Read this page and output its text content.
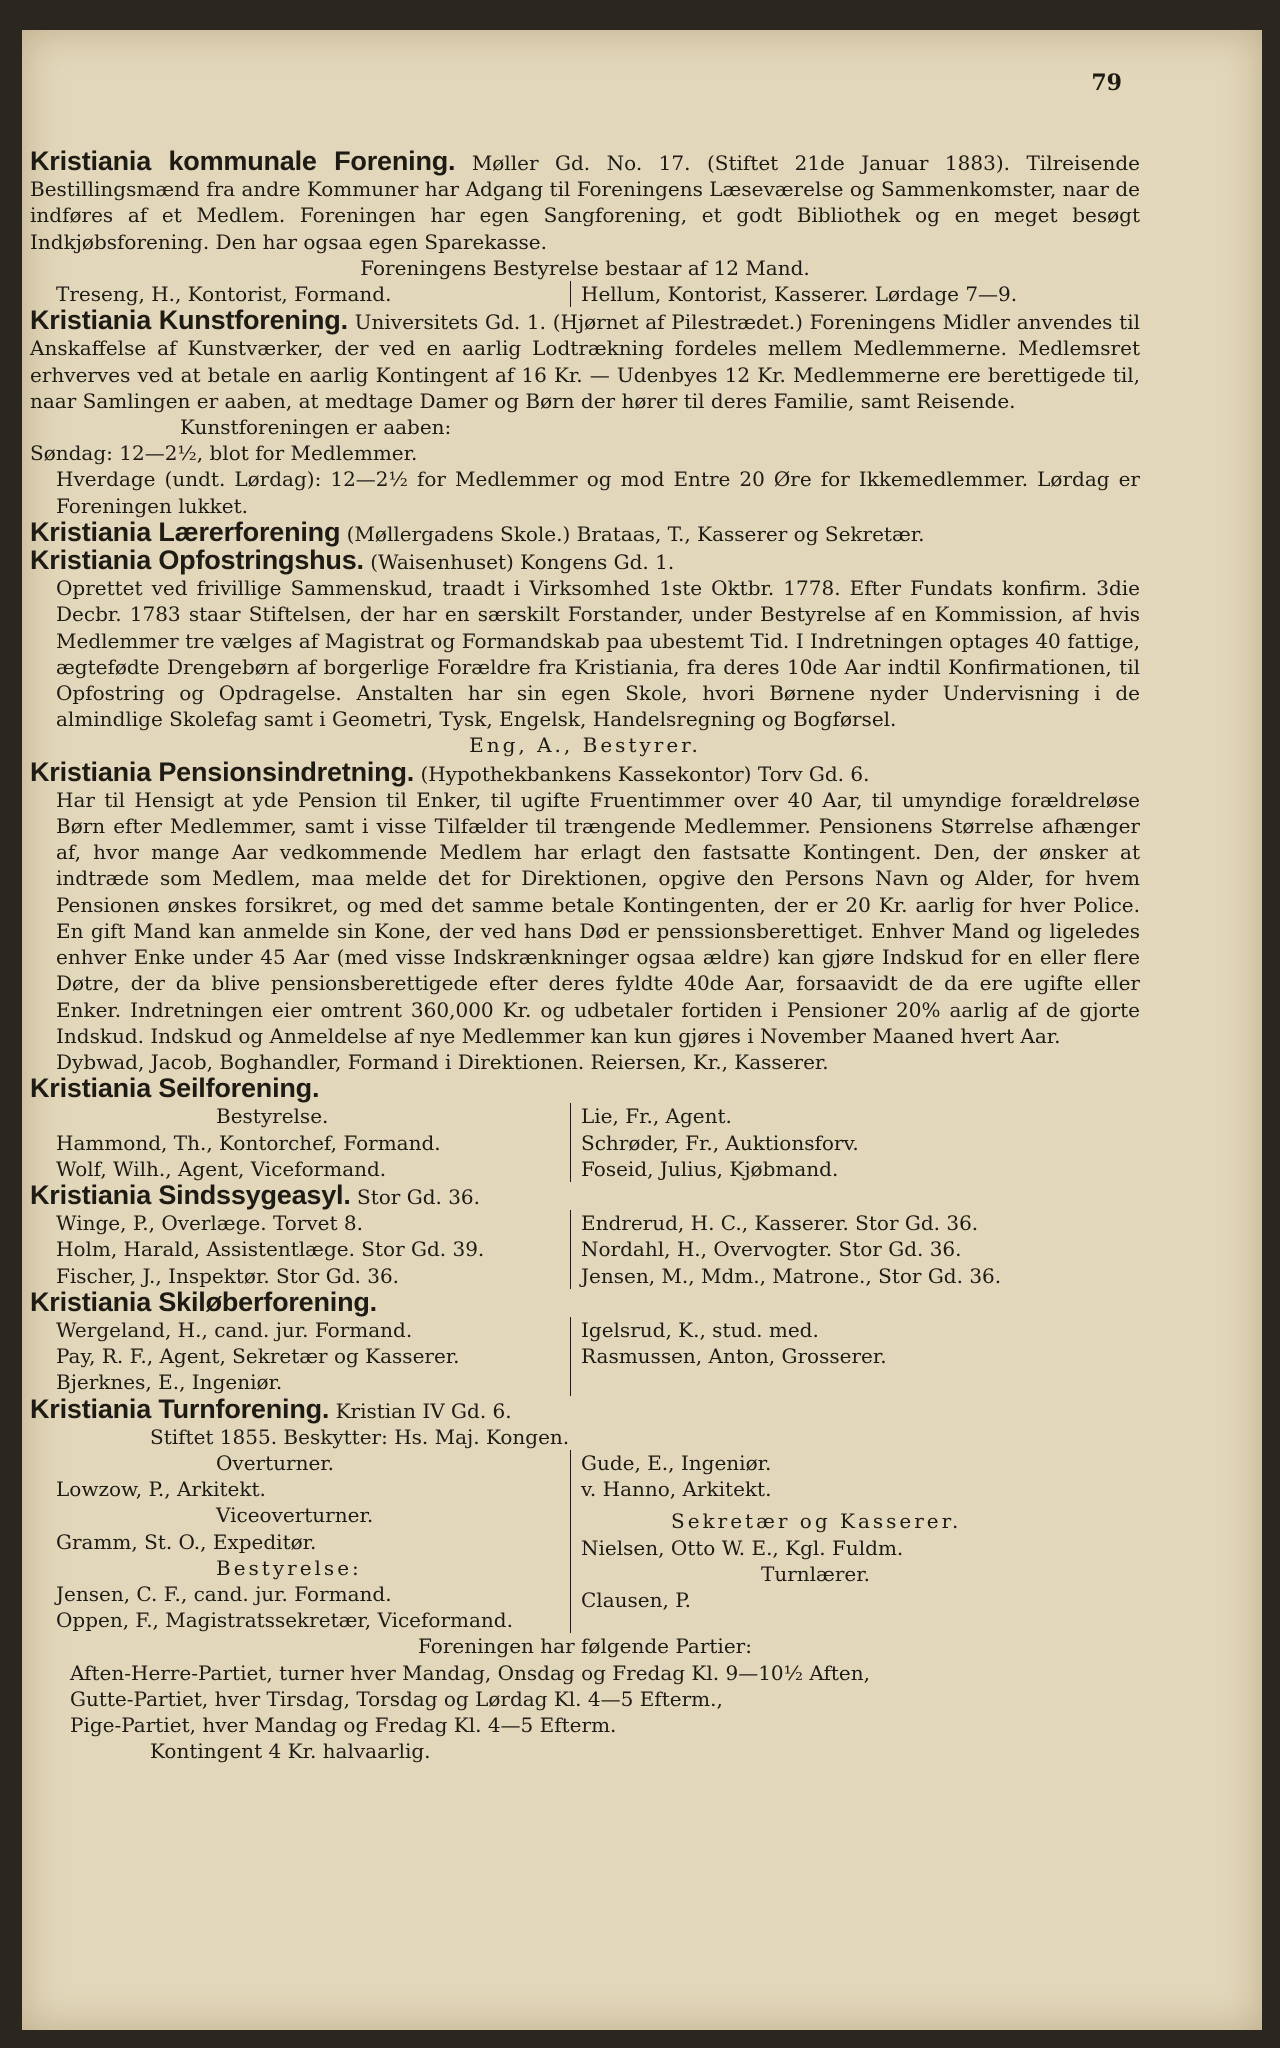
79

Kristiania kommunale Forening. Møller Gd. No. 17. (Stiftet 21de Januar 1883). Tilreisende Bestillingsmænd fra andre Kommuner har Adgang til Foreningens Læseværelse og Sammenkomster, naar de indføres af et Medlem. Foreningen har egen Sangforening, et godt Bibliothek og en meget besøgt Indkjøbsforening. Den har ogsaa egen Sparekasse.

Foreningens Bestyrelse bestaar af 12 Mand.

Treseng, H., Kontorist, Formand.	Hellum, Kontorist, Kasserer. Lørdage 7—9.

Kristiania Kunstforening. Universitets Gd. 1. (Hjørnet af Pilestrædet.) Foreningens Midler anvendes til Anskaffelse af Kunstværker, der ved en aarlig Lodtrækning fordeles mellem Medlemmerne. Medlemsret erhverves ved at betale en aarlig Kontingent af 16 Kr. — Udenbyes 12 Kr. Medlemmerne ere berettigede til, naar Samlingen er aaben, at medtage Damer og Børn der hører til deres Familie, samt Reisende.

Kunstforeningen er aaben:

Søndag: 12—2½, blot for Medlemmer.

Hverdage (undt. Lørdag): 12—2½ for Medlemmer og mod Entre 20 Øre for Ikkemedlemmer. Lørdag er Foreningen lukket.

Kristiania Lærerforening (Møllergadens Skole.) Brataas, T., Kasserer og Sekretær.

Kristiania Opfostringshus. (Waisenhuset) Kongens Gd. 1.

Oprettet ved frivillige Sammenskud, traadt i Virksomhed 1ste Oktbr. 1778. Efter Fundats konfirm. 3die Decbr. 1783 staar Stiftelsen, der har en særskilt Forstander, under Bestyrelse af en Kommission, af hvis Medlemmer tre vælges af Magistrat og Formandskab paa ubestemt Tid. I Indretningen optages 40 fattige, ægtefødte Drengebørn af borgerlige Forældre fra Kristiania, fra deres 10de Aar indtil Konfirmationen, til Opfostring og Opdragelse. Anstalten har sin egen Skole, hvori Børnene nyder Undervisning i de almindlige Skolefag samt i Geometri, Tysk, Engelsk, Handelsregning og Bogførsel.

Eng, A., Bestyrer.

Kristiania Pensionsindretning. (Hypothekbankens Kassekontor) Torv Gd. 6.

Har til Hensigt at yde Pension til Enker, til ugifte Fruentimmer over 40 Aar, til umyndige forældreløse Børn efter Medlemmer, samt i visse Tilfælder til trængende Medlemmer. Pensionens Størrelse afhænger af, hvor mange Aar vedkommende Medlem har erlagt den fastsatte Kontingent. Den, der ønsker at indtræde som Medlem, maa melde det for Direktionen, opgive den Persons Navn og Alder, for hvem Pensionen ønskes forsikret, og med det samme betale Kontingenten, der er 20 Kr. aarlig for hver Police. En gift Mand kan anmelde sin Kone, der ved hans Død er penssionsberettiget. Enhver Mand og ligeledes enhver Enke under 45 Aar (med visse Indskrænkninger ogsaa ældre) kan gjøre Indskud for en eller flere Døtre, der da blive pensionsberettigede efter deres fyldte 40de Aar, forsaavidt de da ere ugifte eller Enker. Indretningen eier omtrent 360,000 Kr. og udbetaler fortiden i Pensioner 20% aarlig af de gjorte Indskud. Indskud og Anmeldelse af nye Medlemmer kan kun gjøres i November Maaned hvert Aar.

Dybwad, Jacob, Boghandler, Formand i Direktionen. Reiersen, Kr., Kasserer.

Kristiania Seilforening.

Bestyrelse.
Hammond, Th., Kontorchef, Formand.
Wolf, Wilh., Agent, Viceformand.
Lie, Fr., Agent.
Schrøder, Fr., Auktionsforv.
Foseid, Julius, Kjøbmand.

Kristiania Sindssygeasyl. Stor Gd. 36.

Winge, P., Overlæge. Torvet 8.
Holm, Harald, Assistentlæge. Stor Gd. 39.
Fischer, J., Inspektør. Stor Gd. 36.
Endrerud, H. C., Kasserer. Stor Gd. 36.
Nordahl, H., Overvogter. Stor Gd. 36.
Jensen, M., Mdm., Matrone., Stor Gd. 36.

Kristiania Skiløberforening.

Wergeland, H., cand. jur. Formand.
Pay, R. F., Agent, Sekretær og Kasserer.
Bjerknes, E., Ingeniør.
Igelsrud, K., stud. med.
Rasmussen, Anton, Grosserer.

Kristiania Turnforening. Kristian IV Gd. 6.

Stiftet 1855. Beskytter: Hs. Maj. Kongen.

Overturner.
Lowzow, P., Arkitekt.
Viceoverturner.
Gramm, St. O., Expeditør.
Bestyrelse:
Jensen, C. F., cand. jur. Formand.
Oppen, F., Magistratssekretær, Viceformand.
Gude, E., Ingeniør.
v. Hanno, Arkitekt.
Sekretær og Kasserer.
Nielsen, Otto W. E., Kgl. Fuldm.
Turnlærer.
Clausen, P.

Foreningen har følgende Partier:

Aften-Herre-Partiet, turner hver Mandag, Onsdag og Fredag Kl. 9—10½ Aften,

Gutte-Partiet, hver Tirsdag, Torsdag og Lørdag Kl. 4—5 Efterm.,

Pige-Partiet, hver Mandag og Fredag Kl. 4—5 Efterm.

Kontingent 4 Kr. halvaarlig.
